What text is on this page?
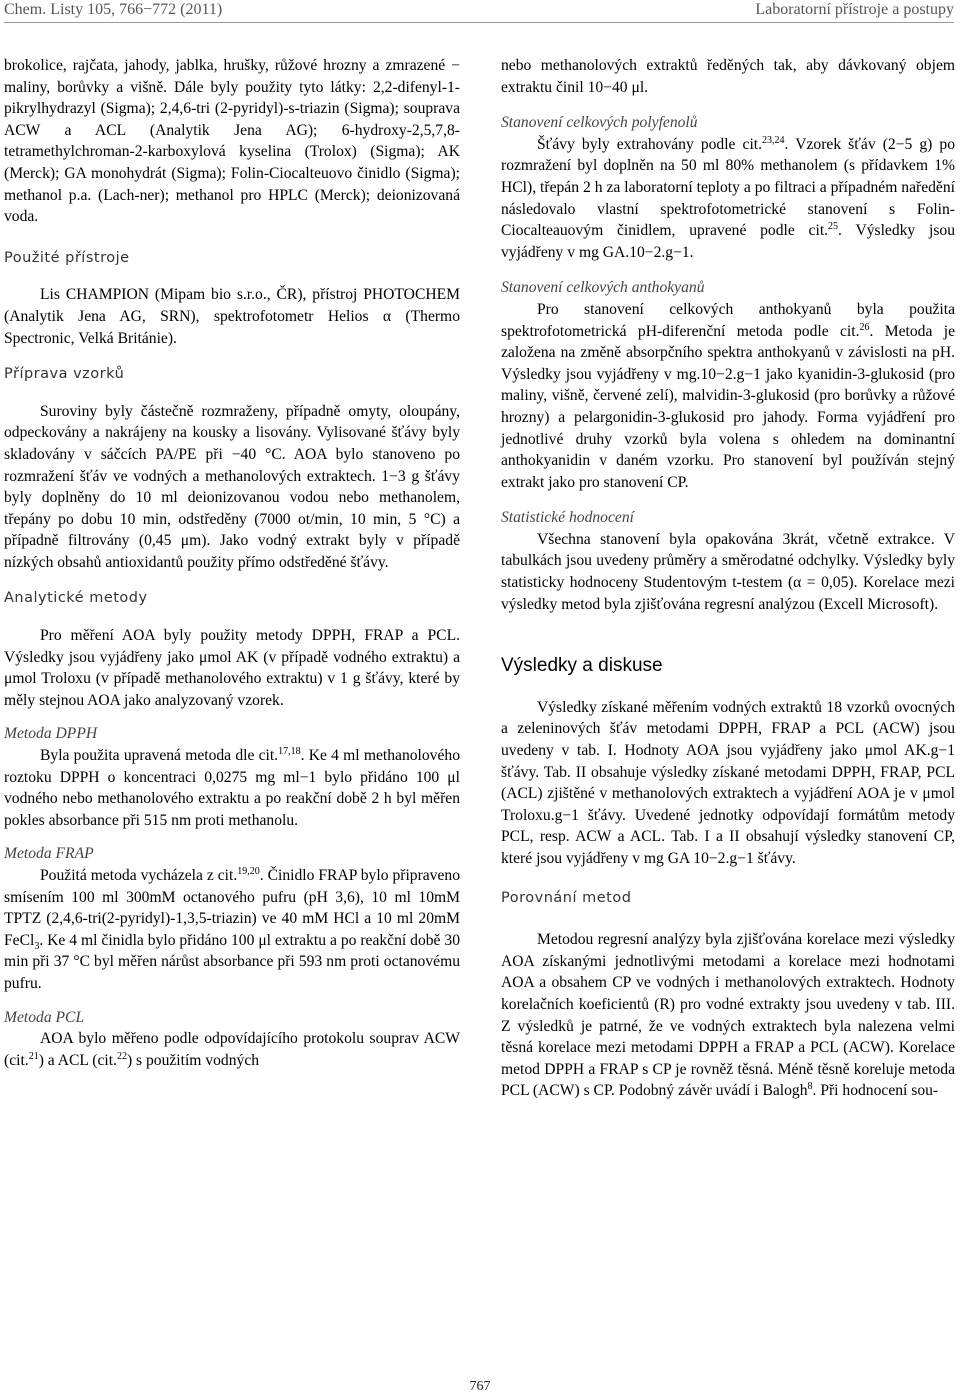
Chem. Listy 105, 766−772 (2011)	Laboratorní přístroje a postupy

brokolice, rajčata, jahody, jablka, hrušky, růžové hrozny a zmrazené − maliny, borůvky a višně. Dále byly použity tyto látky: 2,2-difenyl-1-pikrylhydrazyl (Sigma); 2,4,6-tri (2-pyridyl)-s-triazin (Sigma); souprava ACW a ACL (Analytik Jena AG); 6-hydroxy-2,5,7,8-tetramethylchroman-2-karboxylová kyselina (Trolox) (Sigma); AK (Merck); GA monohydrát (Sigma); Folin-Ciocalteuovo činidlo (Sigma); methanol p.a. (Lach-ner); methanol pro HPLC (Merck); deionizovaná voda.

Použité přístroje

Lis CHAMPION (Mipam bio s.r.o., ČR), přístroj PHOTOCHEM (Analytik Jena AG, SRN), spektrofotometr Helios α (Thermo Spectronic, Velká Británie).

Příprava vzorků

Suroviny byly částečně rozmraženy, případně omyty, oloupány, odpeckovány a nakrájeny na kousky a lisovány. Vylisované šťávy byly skladovány v sáčcích PA/PE při −40 °C. AOA bylo stanoveno po rozmražení šťáv ve vodných a methanolových extraktech. 1−3 g šťávy byly doplněny do 10 ml deionizovanou vodou nebo methanolem, třepány po dobu 10 min, odstředěny (7000 ot/min, 10 min, 5 °C) a případně filtrovány (0,45 μm). Jako vodný extrakt byly v případě nízkých obsahů antioxidantů použity přímo odstředěné šťávy.

Analytické metody

Pro měření AOA byly použity metody DPPH, FRAP a PCL. Výsledky jsou vyjádřeny jako μmol AK (v případě vodného extraktu) a μmol Troloxu (v případě methanolového extraktu) v 1 g šťávy, které by měly stejnou AOA jako analyzovaný vzorek.

Metoda DPPH

Byla použita upravená metoda dle cit.$^{17,18}$. Ke 4 ml methanolového roztoku DPPH o koncentraci 0,0275 mg ml−1 bylo přidáno 100 μl vodného nebo methanolového extraktu a po reakční době 2 h byl měřen pokles absorbance při 515 nm proti methanolu.

Metoda FRAP

Použitá metoda vycházela z cit.$^{19,20}$. Činidlo FRAP bylo připraveno smísením 100 ml 300mM octanového pufru (pH 3,6), 10 ml 10mM TPTZ (2,4,6-tri(2-pyridyl)-1,3,5-triazin) ve 40 mM HCl a 10 ml 20mM FeCl$_3$. Ke 4 ml činidla bylo přidáno 100 μl extraktu a po reakční době 30 min při 37 °C byl měřen nárůst absorbance při 593 nm proti octanovému pufru.

Metoda PCL

AOA bylo měřeno podle odpovídajícího protokolu souprav ACW (cit.$^{21}$) a ACL (cit.$^{22}$) s použitím vodných

nebo methanolových extraktů ředěných tak, aby dávkovaný objem extraktu činil 10−40 μl.

Stanovení celkových polyfenolů

Šťávy byly extrahovány podle cit.$^{23,24}$. Vzorek šťáv (2−5 g) po rozmražení byl doplněn na 50 ml 80% methanolem (s přídavkem 1% HCl), třepán 2 h za laboratorní teploty a po filtraci a případném naředění následovalo vlastní spektrofotometrické stanovení s Folin-Ciocalteauovým činidlem, upravené podle cit.$^{25}$. Výsledky jsou vyjádřeny v mg GA.10−2.g−1.

Stanovení celkových anthokyanů

Pro stanovení celkových anthokyanů byla použita spektrofotometrická pH-diferenční metoda podle cit.$^{26}$. Metoda je založena na změně absorpčního spektra anthokyanů v závislosti na pH. Výsledky jsou vyjádřeny v mg.10−2.g−1 jako kyanidin-3-glukosid (pro maliny, višně, červené zelí), malvidin-3-glukosid (pro borůvky a růžové hrozny) a pelargonidin-3-glukosid pro jahody. Forma vyjádření pro jednotlivé druhy vzorků byla volena s ohledem na dominantní anthokyanidin v daném vzorku. Pro stanovení byl používán stejný extrakt jako pro stanovení CP.

Statistické hodnocení

Všechna stanovení byla opakována 3krát, včetně extrakce. V tabulkách jsou uvedeny průměry a směrodatné odchylky. Výsledky byly statisticky hodnoceny Studentovým t-testem (α = 0,05). Korelace mezi výsledky metod byla zjišťována regresní analýzou (Excell Microsoft).

Výsledky a diskuse

Výsledky získané měřením vodných extraktů 18 vzorků ovocných a zeleninových šťáv metodami DPPH, FRAP a PCL (ACW) jsou uvedeny v tab. I. Hodnoty AOA jsou vyjádřeny jako μmol AK.g−1 šťávy. Tab. II obsahuje výsledky získané metodami DPPH, FRAP, PCL (ACL) zjištěné v methanolových extraktech a vyjádření AOA je v μmol Troloxu.g−1 šťávy. Uvedené jednotky odpovídají formátům metody PCL, resp. ACW a ACL. Tab. I a II obsahují výsledky stanovení CP, které jsou vyjádřeny v mg GA 10−2.g−1 šťávy.

Porovnání metod

Metodou regresní analýzy byla zjišťována korelace mezi výsledky AOA získanými jednotlivými metodami a korelace mezi hodnotami AOA a obsahem CP ve vodných i methanolových extraktech. Hodnoty korelačních koeficientů (R) pro vodné extrakty jsou uvedeny v tab. III. Z výsledků je patrné, že ve vodných extraktech byla nalezena velmi těsná korelace mezi metodami DPPH a FRAP a PCL (ACW). Korelace metod DPPH a FRAP s CP je rovněž těsná. Méně těsně koreluje metoda PCL (ACW) s CP. Podobný závěr uvádí i Balogh$^8$. Při hodnocení sou-

767
